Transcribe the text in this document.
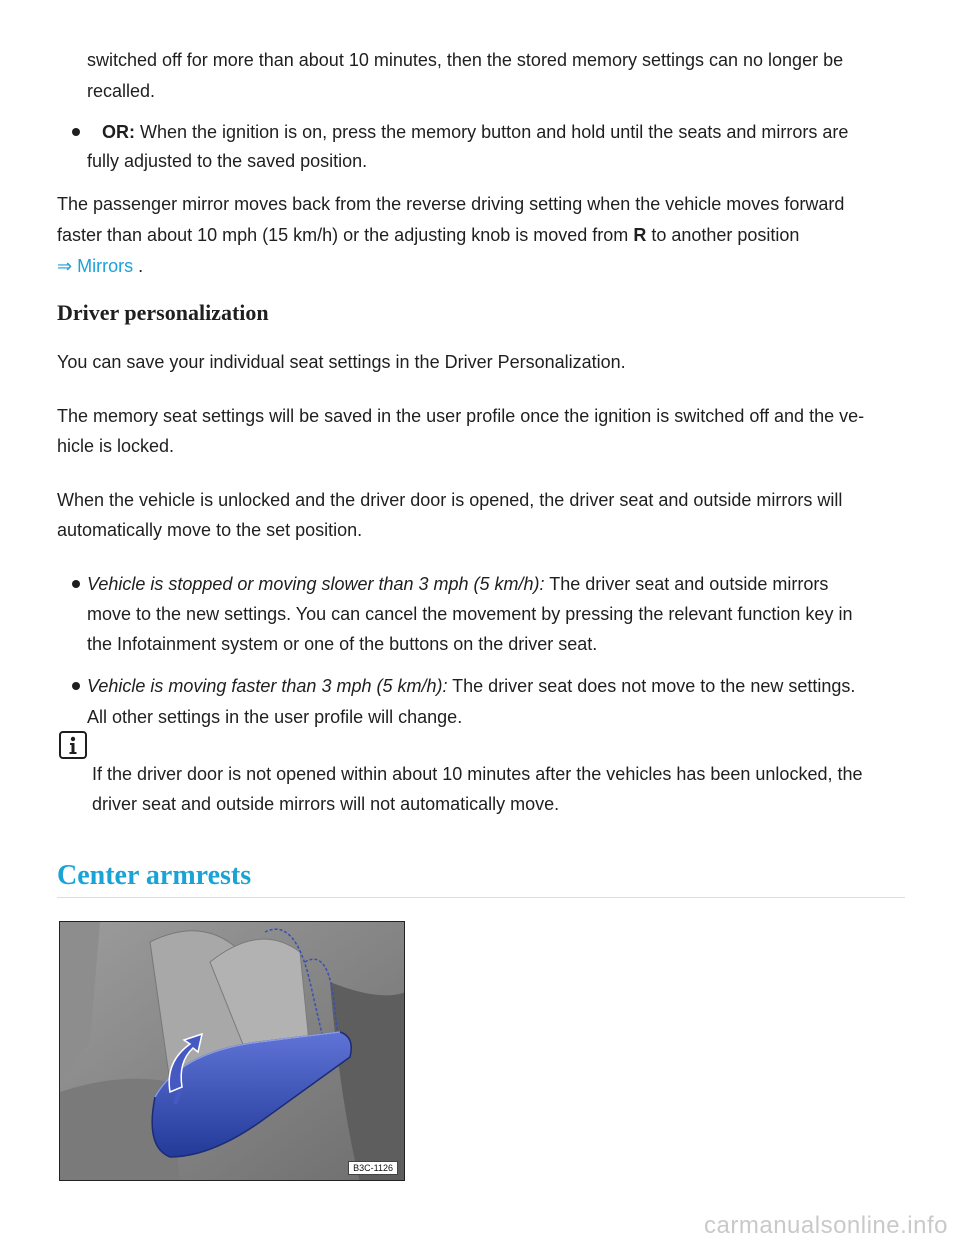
switched off for more than about 10 minutes, then the stored memory settings can no longer be

recalled.

OR: When the ignition is on, press the memory button and hold until the seats and mirrors are

fully adjusted to the saved position.

The passenger mirror moves back from the reverse driving setting when the vehicle moves forward

faster than about 10 mph (15 km/h) or the adjusting knob is moved from R to another position

⇒ Mirrors .

Driver personalization

You can save your individual seat settings in the Driver Personalization.

The memory seat settings will be saved in the user profile once the ignition is switched off and the ve-

hicle is locked.

When the vehicle is unlocked and the driver door is opened, the driver seat and outside mirrors will

automatically move to the set position.

Vehicle is stopped or moving slower than 3 mph (5 km/h): The driver seat and outside mirrors

move to the new settings. You can cancel the movement by pressing the relevant function key in

the Infotainment system or one of the buttons on the driver seat.

Vehicle is moving faster than 3 mph (5 km/h): The driver seat does not move to the new settings.

All other settings in the user profile will change.

If the driver door is not opened within about 10 minutes after the vehicles has been unlocked, the

driver seat and outside mirrors will not automatically move.

Center armrests
B3C-1126
carmanualsonline.info
